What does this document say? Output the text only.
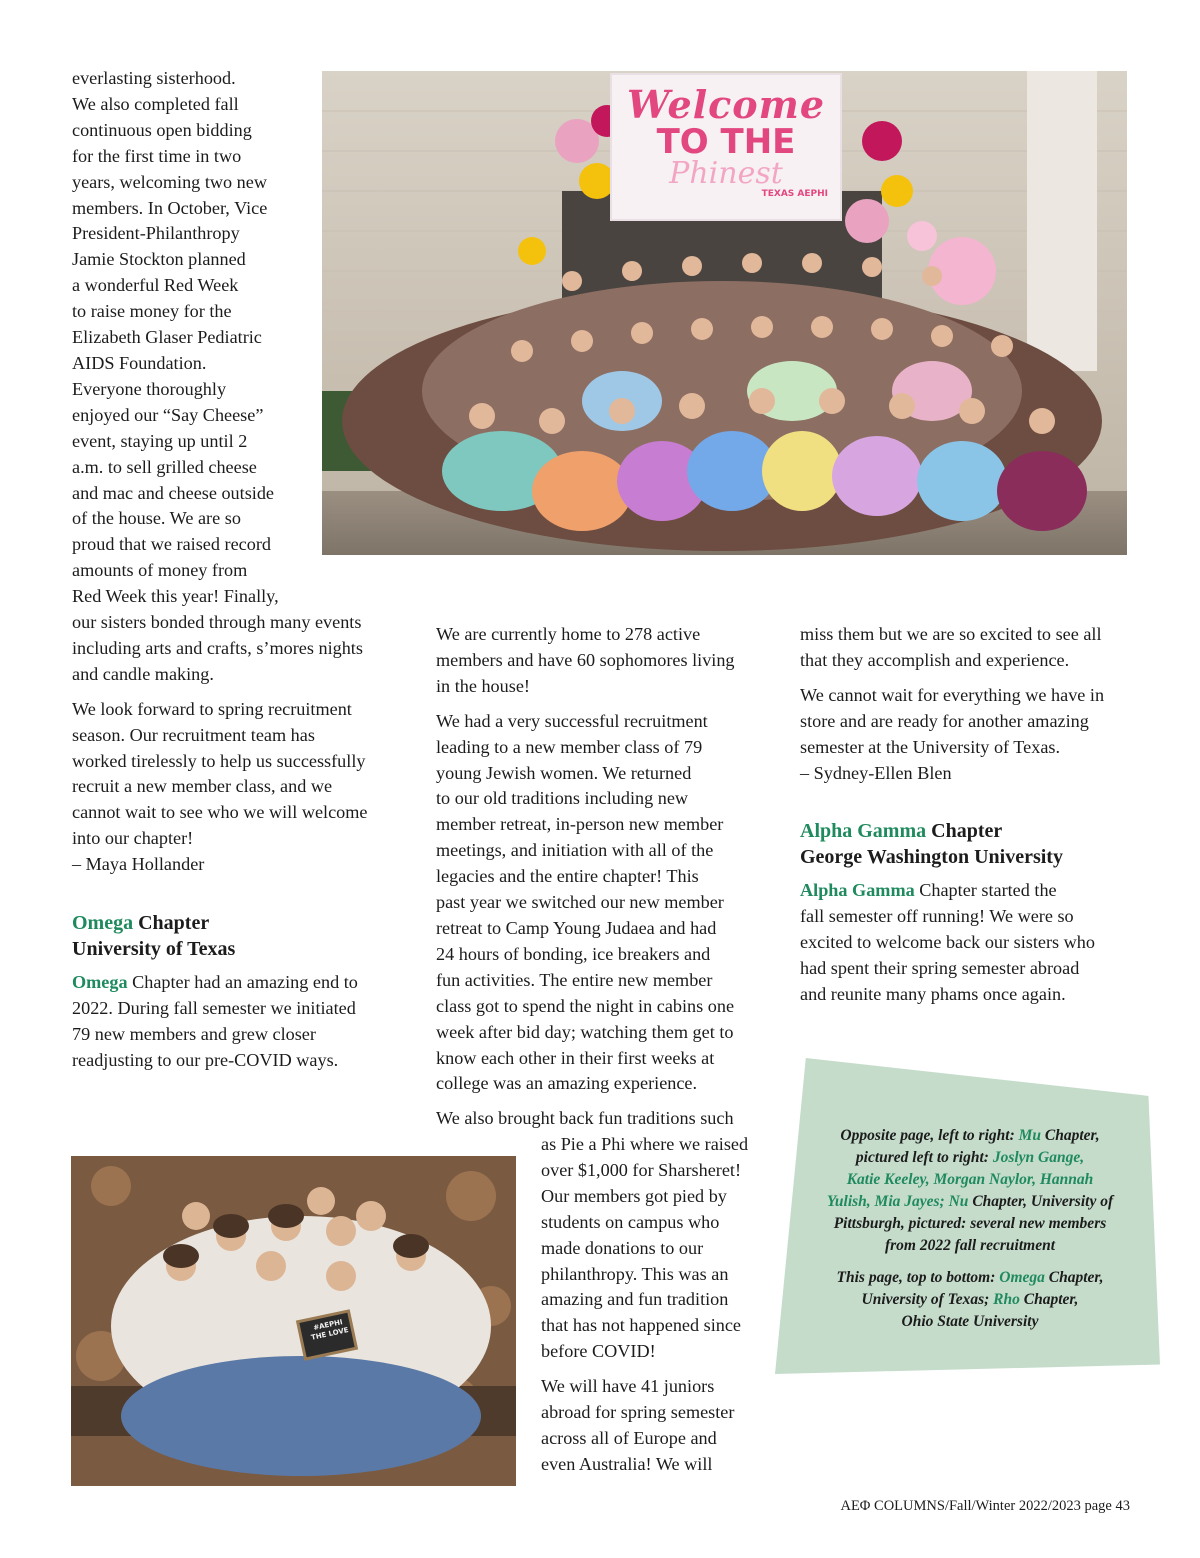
everlasting sisterhood.
We also completed fall
continuous open bidding
for the first time in two
years, welcoming two new
members. In October, Vice
President-Philanthropy
Jamie Stockton planned
a wonderful Red Week
to raise money for the
Elizabeth Glaser Pediatric
AIDS Foundation.
Everyone thoroughly
enjoyed our “Say Cheese”
event, staying up until 2
a.m. to sell grilled cheese
and mac and cheese outside
of the house. We are so
proud that we raised record
amounts of money from
Red Week this year! Finally,
our sisters bonded through many events
including arts and crafts, s’mores nights
and candle making.

We look forward to spring recruitment
season. Our recruitment team has
worked tirelessly to help us successfully
recruit a new member class, and we
cannot wait to see who we will welcome
into our chapter!
– Maya Hollander

Omega Chapter
University of Texas

Omega Chapter had an amazing end to
2022. During fall semester we initiated
79 new members and grew closer
readjusting to our pre-COVID ways.

We are currently home to 278 active
members and have 60 sophomores living
in the house!

We had a very successful recruitment
leading to a new member class of 79
young Jewish women. We returned
to our old traditions including new
member retreat, in-person new member
meetings, and initiation with all of the
legacies and the entire chapter! This
past year we switched our new member
retreat to Camp Young Judaea and had
24 hours of bonding, ice breakers and
fun activities. The entire new member
class got to spend the night in cabins one
week after bid day; watching them get to
know each other in their first weeks at
college was an amazing experience.

We also brought back fun traditions such

as Pie a Phi where we raised
over $1,000 for Sharsheret!
Our members got pied by
students on campus who
made donations to our
philanthropy. This was an
amazing and fun tradition
that has not happened since
before COVID!

We will have 41 juniors
abroad for spring semester
across all of Europe and
even Australia! We will

miss them but we are so excited to see all
that they accomplish and experience.

We cannot wait for everything we have in
store and are ready for another amazing
semester at the University of Texas.
– Sydney-Ellen Blen

Alpha Gamma Chapter
George Washington University

Alpha Gamma Chapter started the
fall semester off running! We were so
excited to welcome back our sisters who
had spent their spring semester abroad
and reunite many phams once again.

Welcome
TO THE
Phinest
TEXAS AEPHI
#AEPHI THE LOVE

Opposite page, left to right: Mu Chapter,
pictured left to right: Joslyn Gange,
Katie Keeley, Morgan Naylor, Hannah
Yulish, Mia Jayes; Nu Chapter, University of
Pittsburgh, pictured: several new members
from 2022 fall recruitment

This page, top to bottom: Omega Chapter,
University of Texas; Rho Chapter,
Ohio State University

ΑΕΦ COLUMNS/Fall/Winter 2022/2023 page 43
